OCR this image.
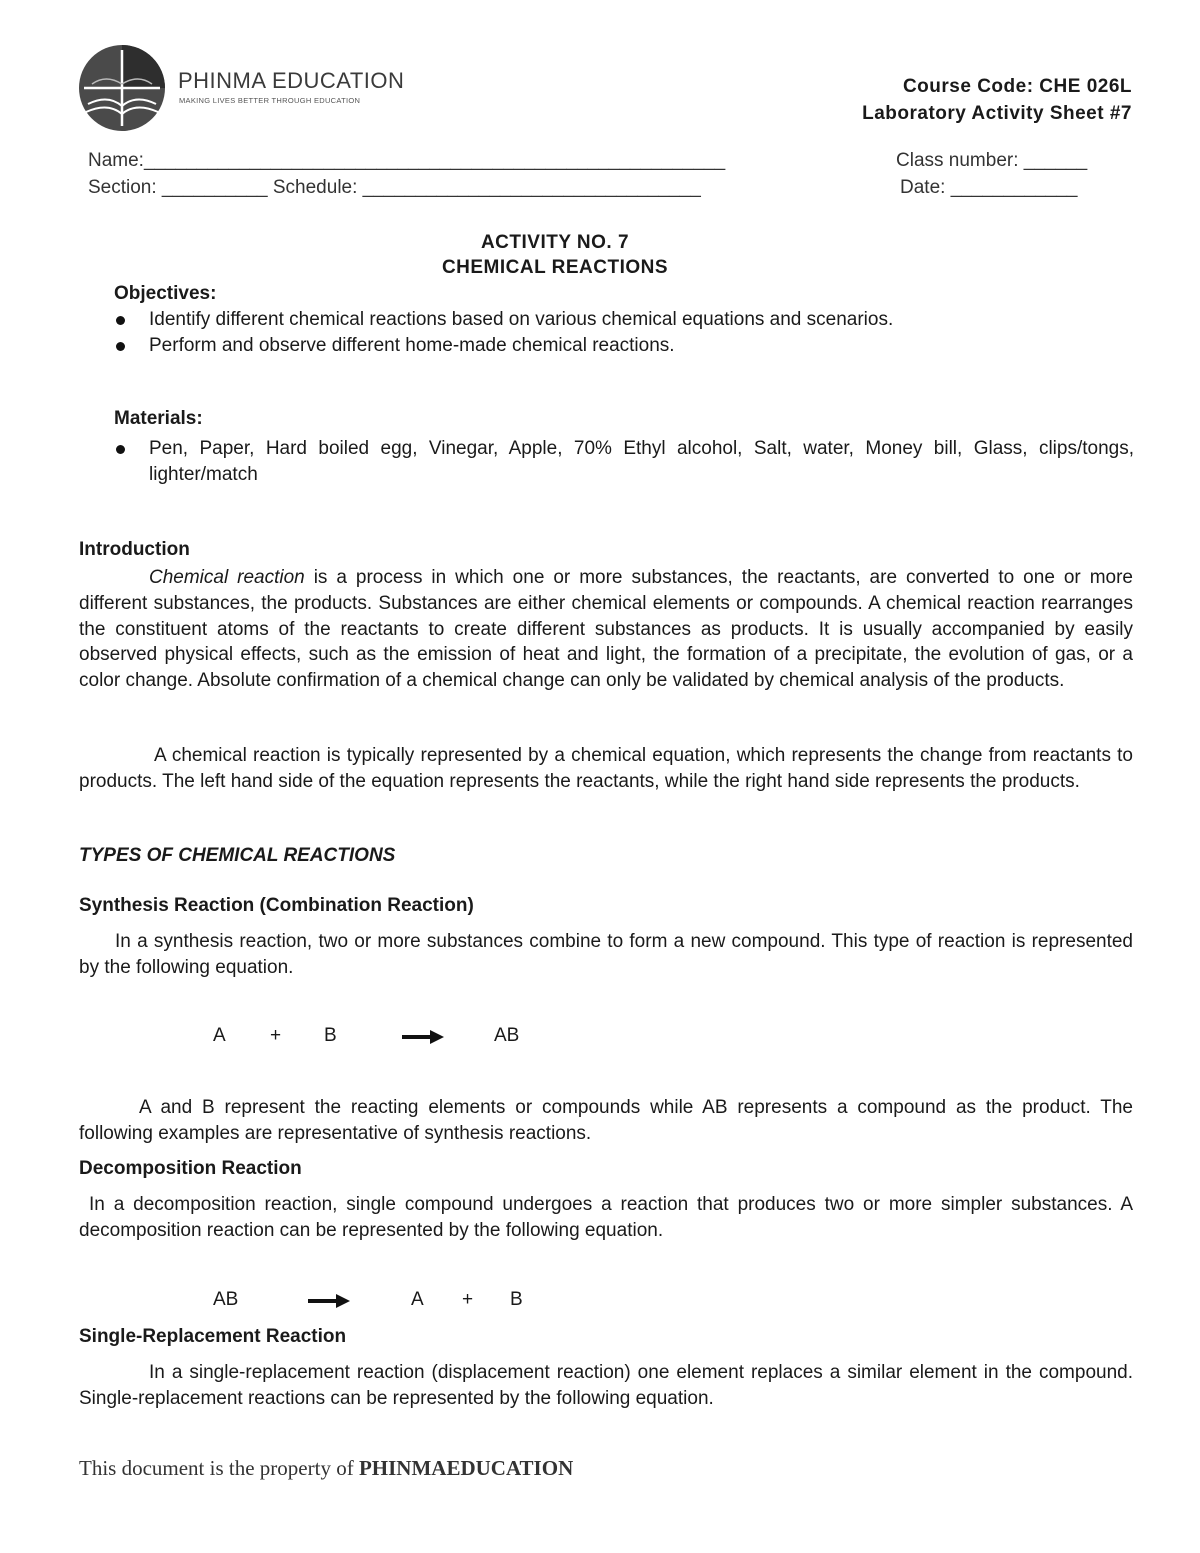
PHINMA EDUCATION
MAKING LIVES BETTER THROUGH EDUCATION
Course Code: CHE 026L
Laboratory Activity Sheet #7
Name:_______________________________________________________	Class number: ______
Section: __________ Schedule: ________________________________	Date: ____________
ACTIVITY NO. 7
CHEMICAL REACTIONS
Objectives:
Identify different chemical reactions based on various chemical equations and scenarios.
Perform and observe different home-made chemical reactions.
Materials:
Pen, Paper, Hard boiled egg, Vinegar, Apple, 70% Ethyl alcohol, Salt, water, Money bill, Glass, clips/tongs, lighter/match
Introduction
Chemical reaction is a process in which one or more substances, the reactants, are converted to one or more different substances, the products. Substances are either chemical elements or compounds. A chemical reaction rearranges the constituent atoms of the reactants to create different substances as products. It is usually accompanied by easily observed physical effects, such as the emission of heat and light, the formation of a precipitate, the evolution of gas, or a color change. Absolute confirmation of a chemical change can only be validated by chemical analysis of the products.
A chemical reaction is typically represented by a chemical equation, which represents the change from reactants to products. The left hand side of the equation represents the reactants, while the right hand side represents the products.
TYPES OF CHEMICAL REACTIONS
Synthesis Reaction (Combination Reaction)
In a synthesis reaction, two or more substances combine to form a new compound. This type of reaction is represented by the following equation.
A + B	AB
A and B represent the reacting elements or compounds while AB represents a compound as the product. The following examples are representative of synthesis reactions.
Decomposition Reaction
In a decomposition reaction, single compound undergoes a reaction that produces two or more simpler substances. A decomposition reaction can be represented by the following equation.
AB	A + B
Single-Replacement Reaction
In a single-replacement reaction (displacement reaction) one element replaces a similar element in the compound. Single-replacement reactions can be represented by the following equation.
This document is the property of PHINMAEDUCATION
